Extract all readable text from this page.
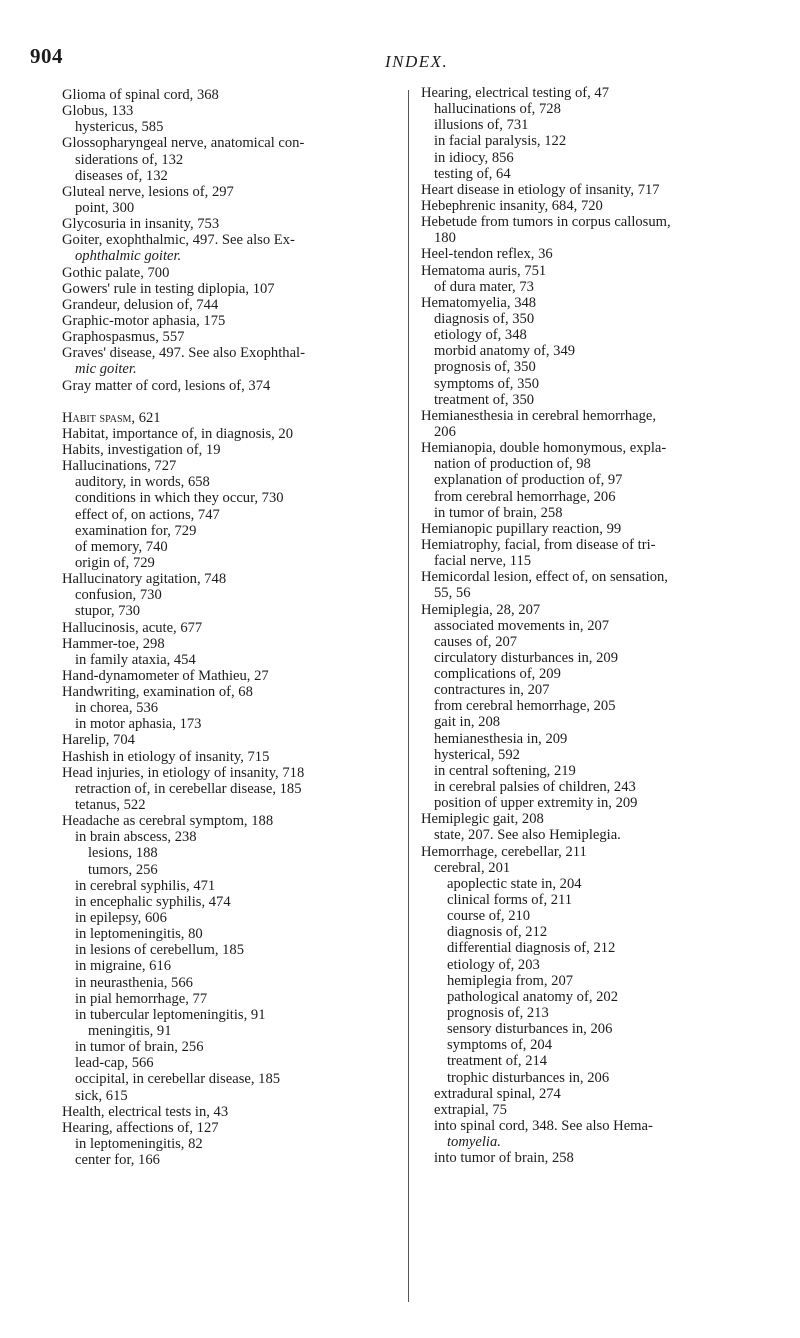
904	INDEX.
Glioma of spinal cord, 368
Globus, 133
hystericus, 585
Glossopharyngeal nerve, anatomical con-
siderations of, 132
diseases of, 132
Gluteal nerve, lesions of, 297
point, 300
Glycosuria in insanity, 753
Goiter, exophthalmic, 497. See also Ex-
ophthalmic goiter.
Gothic palate, 700
Gowers' rule in testing diplopia, 107
Grandeur, delusion of, 744
Graphic-motor aphasia, 175
Graphospasmus, 557
Graves' disease, 497. See also Exophthal-
mic goiter.
Gray matter of cord, lesions of, 374
Habit spasm, 621
Habitat, importance of, in diagnosis, 20
Habits, investigation of, 19
Hallucinations, 727
auditory, in words, 658
conditions in which they occur, 730
effect of, on actions, 747
examination for, 729
of memory, 740
origin of, 729
Hallucinatory agitation, 748
confusion, 730
stupor, 730
Hallucinosis, acute, 677
Hammer-toe, 298
in family ataxia, 454
Hand-dynamometer of Mathieu, 27
Handwriting, examination of, 68
in chorea, 536
in motor aphasia, 173
Harelip, 704
Hashish in etiology of insanity, 715
Head injuries, in etiology of insanity, 718
retraction of, in cerebellar disease, 185
tetanus, 522
Headache as cerebral symptom, 188
in brain abscess, 238
lesions, 188
tumors, 256
in cerebral syphilis, 471
in encephalic syphilis, 474
in epilepsy, 606
in leptomeningitis, 80
in lesions of cerebellum, 185
in migraine, 616
in neurasthenia, 566
in pial hemorrhage, 77
in tubercular leptomeningitis, 91
meningitis, 91
in tumor of brain, 256
lead-cap, 566
occipital, in cerebellar disease, 185
sick, 615
Health, electrical tests in, 43
Hearing, affections of, 127
in leptomeningitis, 82
center for, 166
Hearing, electrical testing of, 47
hallucinations of, 728
illusions of, 731
in facial paralysis, 122
in idiocy, 856
testing of, 64
Heart disease in etiology of insanity, 717
Hebephrenic insanity, 684, 720
Hebetude from tumors in corpus callosum,
180
Heel-tendon reflex, 36
Hematoma auris, 751
of dura mater, 73
Hematomyelia, 348
diagnosis of, 350
etiology of, 348
morbid anatomy of, 349
prognosis of, 350
symptoms of, 350
treatment of, 350
Hemianesthesia in cerebral hemorrhage,
206
Hemianopia, double homonymous, expla-
nation of production of, 98
explanation of production of, 97
from cerebral hemorrhage, 206
in tumor of brain, 258
Hemianopic pupillary reaction, 99
Hemiatrophy, facial, from disease of tri-
facial nerve, 115
Hemicordal lesion, effect of, on sensation,
55, 56
Hemiplegia, 28, 207
associated movements in, 207
causes of, 207
circulatory disturbances in, 209
complications of, 209
contractures in, 207
from cerebral hemorrhage, 205
gait in, 208
hemianesthesia in, 209
hysterical, 592
in central softening, 219
in cerebral palsies of children, 243
position of upper extremity in, 209
Hemiplegic gait, 208
state, 207. See also Hemiplegia.
Hemorrhage, cerebellar, 211
cerebral, 201
apoplectic state in, 204
clinical forms of, 211
course of, 210
diagnosis of, 212
differential diagnosis of, 212
etiology of, 203
hemiplegia from, 207
pathological anatomy of, 202
prognosis of, 213
sensory disturbances in, 206
symptoms of, 204
treatment of, 214
trophic disturbances in, 206
extradural spinal, 274
extrapial, 75
into spinal cord, 348. See also Hema-
tomyelia.
into tumor of brain, 258
